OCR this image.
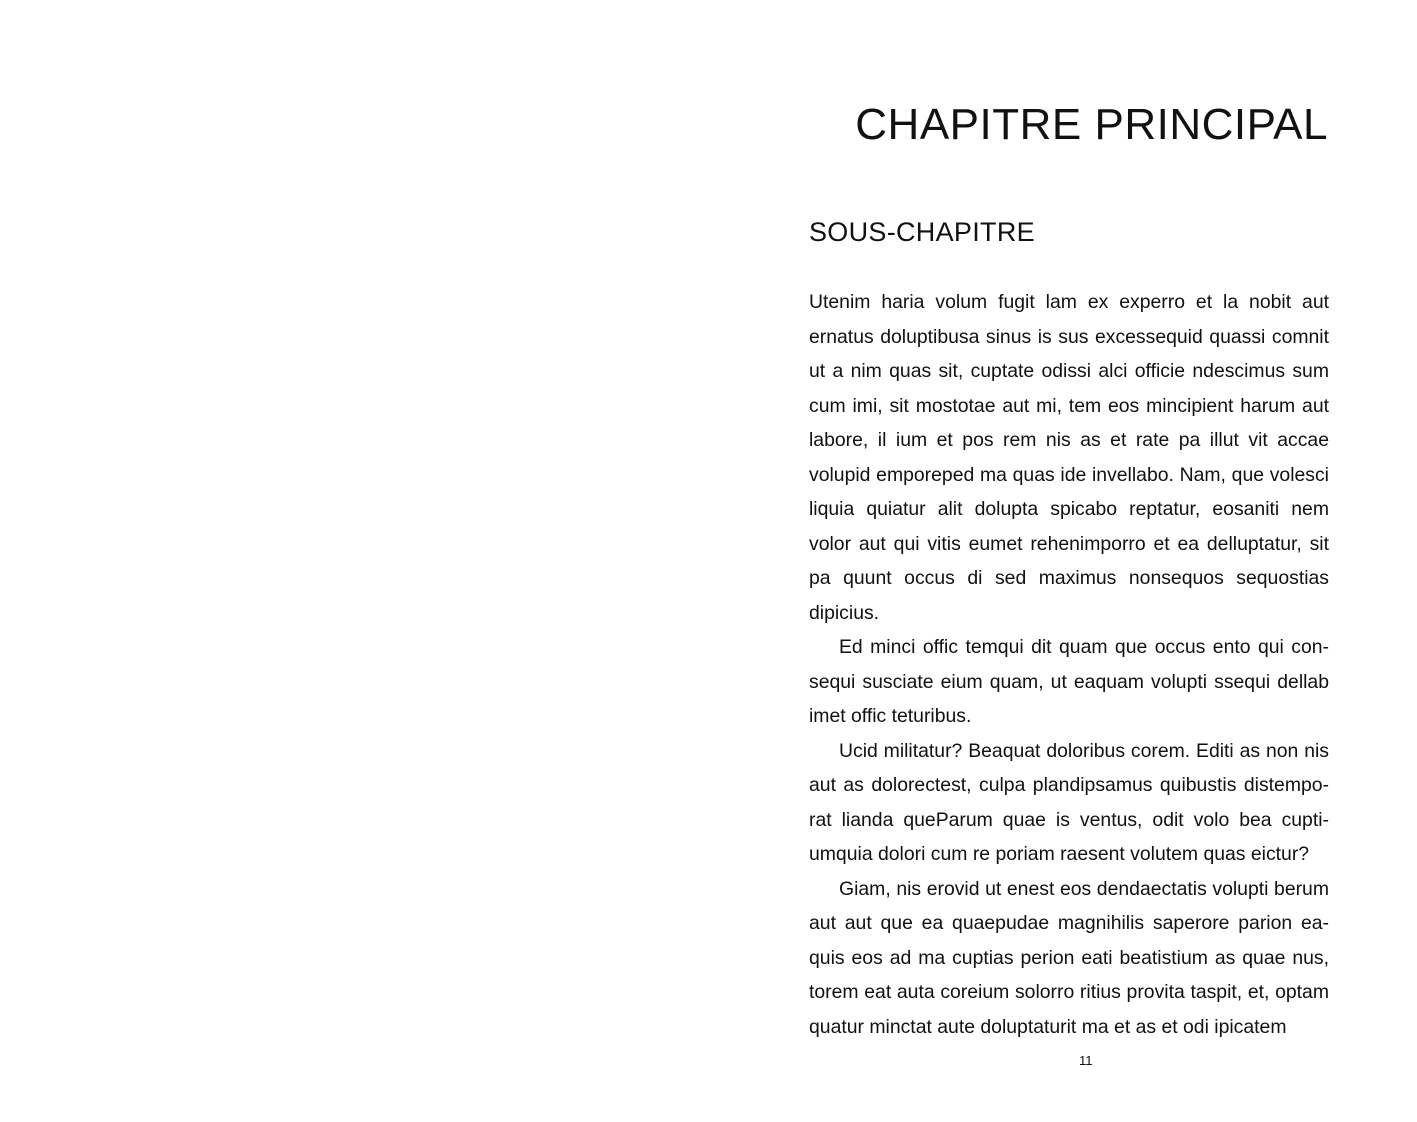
CHAPITRE PRINCIPAL
SOUS-CHAPITRE

Utenim haria volum fugit lam ex experro et la nobit aut ernatus doluptibusa sinus is sus excessequid quassi comnit ut a nim quas sit, cuptate odissi alci officie ndescimus sum cum imi, sit mostotae aut mi, tem eos mincipient harum aut labore, il ium et pos rem nis as et rate pa illut vit accae volupid emporeped ma quas ide invellabo. Nam, que volesci liquia quiatur alit dolupta spicabo reptatur, eosaniti nem volor aut qui vitis eumet rehenimporro et ea delluptatur, sit pa quunt occus di sed maximus nonsequos sequostias dipicius.

Ed minci offic temqui dit quam que occus ento qui con-sequi susciate eium quam, ut eaquam volupti ssequi dellab imet offic teturibus.

Ucid militatur? Beaquat doloribus corem. Editi as non nis aut as dolorectest, culpa plandipsamus quibustis distempo-rat lianda queParum quae is ventus, odit volo bea cupti-umquia dolori cum re poriam raesent volutem quas eictur?

Giam, nis erovid ut enest eos dendaectatis volupti berum aut aut que ea quaepudae magnihilis saperore parion ea-quis eos ad ma cuptias perion eati beatistium as quae nus, torem eat auta coreium solorro ritius provita taspit, et, optam quatur minctat aute doluptaturit ma et as et odi ipicatem

11
